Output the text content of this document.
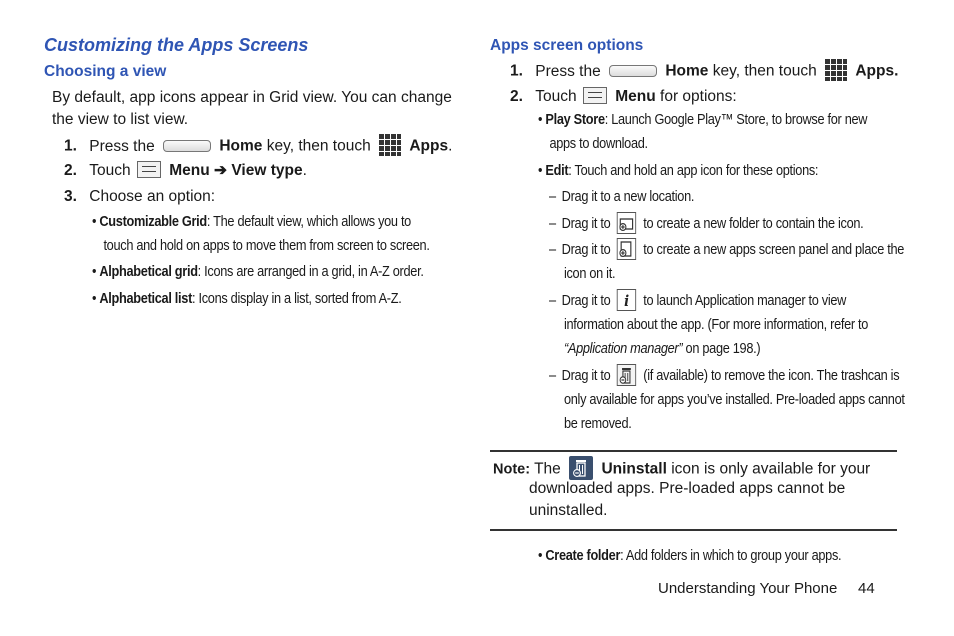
Customizing the Apps Screens
Choosing a view
By default, app icons appear in Grid view. You can change
the view to list view.
1. Press the	Home key, then touch Apps.
2. Touch Menu ➔ View type.
3. Choose an option:
• Customizable Grid: The default view, which allows you to
touch and hold on apps to move them from screen to screen.
• Alphabetical grid: Icons are arranged in a grid, in A-Z order.
• Alphabetical list: Icons display in a list, sorted from A-Z.
Apps screen options
1. Press the	Home key, then touch Apps.
2. Touch Menu for options:
• Play Store: Launch Google Play™ Store, to browse for new
apps to download.
• Edit: Touch and hold an app icon for these options:
– Drag it to a new location.
– Drag it to to create a new folder to contain the icon.
– Drag it to to create a new apps screen panel and place the
icon on it.
– Drag it to i to launch Application manager to view
information about the app. (For more information, refer to
“Application manager” on page 198.)
– Drag it to (if available) to remove the icon. The trashcan is
only available for apps you’ve installed. Pre-loaded apps cannot
be removed.
Note: The	Uninstall icon is only available for your
downloaded apps. Pre-loaded apps cannot be
uninstalled.
• Create folder: Add folders in which to group your apps.
Understanding Your Phone 44
